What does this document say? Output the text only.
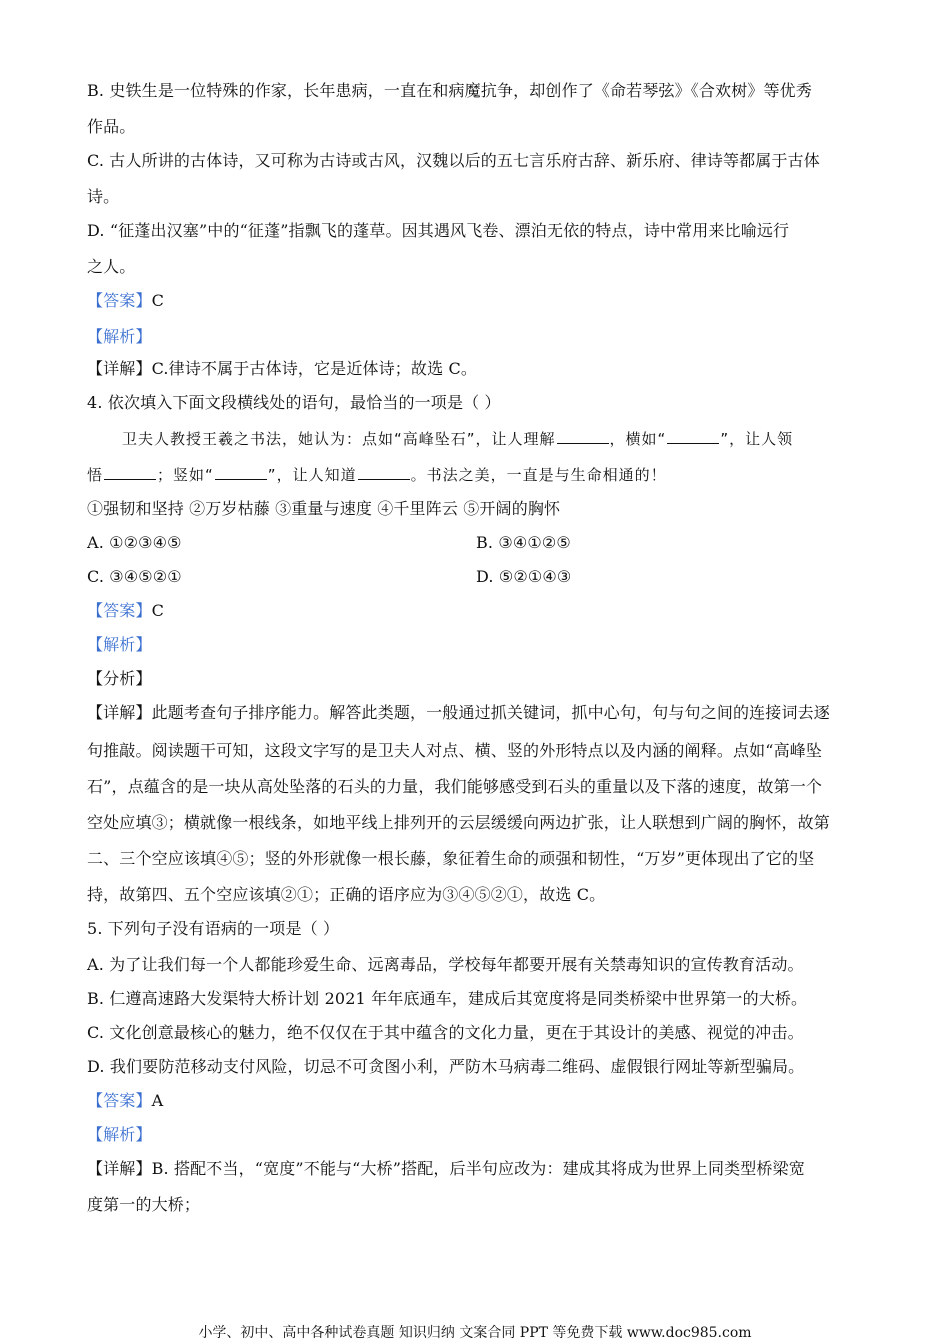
B. 史铁生是一位特殊的作家，长年患病，一直在和病魔抗争，却创作了《命若琴弦》《合欢树》等优秀
作品。
C. 古人所讲的古体诗，又可称为古诗或古风，汉魏以后的五七言乐府古辞、新乐府、律诗等都属于古体
诗。
D. “征蓬出汉塞”中的“征蓬”指飘飞的蓬草。因其遇风飞卷、漂泊无依的特点，诗中常用来比喻远行
之人。
【答案】C
【解析】
【详解】C.律诗不属于古体诗，它是近体诗；故选 C。
4. 依次填入下面文段横线处的语句，最恰当的一项是（ ）
卫夫人教授王羲之书法，她认为：点如“高峰坠石”，让人理解	，横如“	”，让人领
悟	；竖如“	”，让人知道	。书法之美，一直是与生命相通的！
①强韧和坚持 ②万岁枯藤 ③重量与速度 ④千里阵云 ⑤开阔的胸怀
A. ①②③④⑤	B. ③④①②⑤
C. ③④⑤②①	D. ⑤②①④③
【答案】C
【解析】
【分析】
【详解】此题考查句子排序能力。解答此类题，一般通过抓关键词，抓中心句，句与句之间的连接词去逐
句推敲。阅读题干可知，这段文字写的是卫夫人对点、横、竖的外形特点以及内涵的阐释。点如“高峰坠
石”，点蕴含的是一块从高处坠落的石头的力量，我们能够感受到石头的重量以及下落的速度，故第一个
空处应填③；横就像一根线条，如地平线上排列开的云层缓缓向两边扩张，让人联想到广阔的胸怀，故第
二、三个空应该填④⑤；竖的外形就像一根长藤，象征着生命的顽强和韧性，“万岁”更体现出了它的坚
持，故第四、五个空应该填②①；正确的语序应为③④⑤②①，故选 C。
5. 下列句子没有语病的一项是（ ）
A. 为了让我们每一个人都能珍爱生命、远离毒品，学校每年都要开展有关禁毒知识的宣传教育活动。
B. 仁遵高速路大发渠特大桥计划 2021 年年底通车，建成后其宽度将是同类桥梁中世界第一的大桥。
C. 文化创意最核心的魅力，绝不仅仅在于其中蕴含的文化力量，更在于其设计的美感、视觉的冲击。
D. 我们要防范移动支付风险，切忌不可贪图小利，严防木马病毒二维码、虚假银行网址等新型骗局。
【答案】A
【解析】
【详解】B. 搭配不当，“宽度”不能与“大桥”搭配，后半句应改为：建成其将成为世界上同类型桥梁宽
度第一的大桥；
小学、初中、高中各种试卷真题 知识归纳 文案合同 PPT 等免费下载 www.doc985.com
